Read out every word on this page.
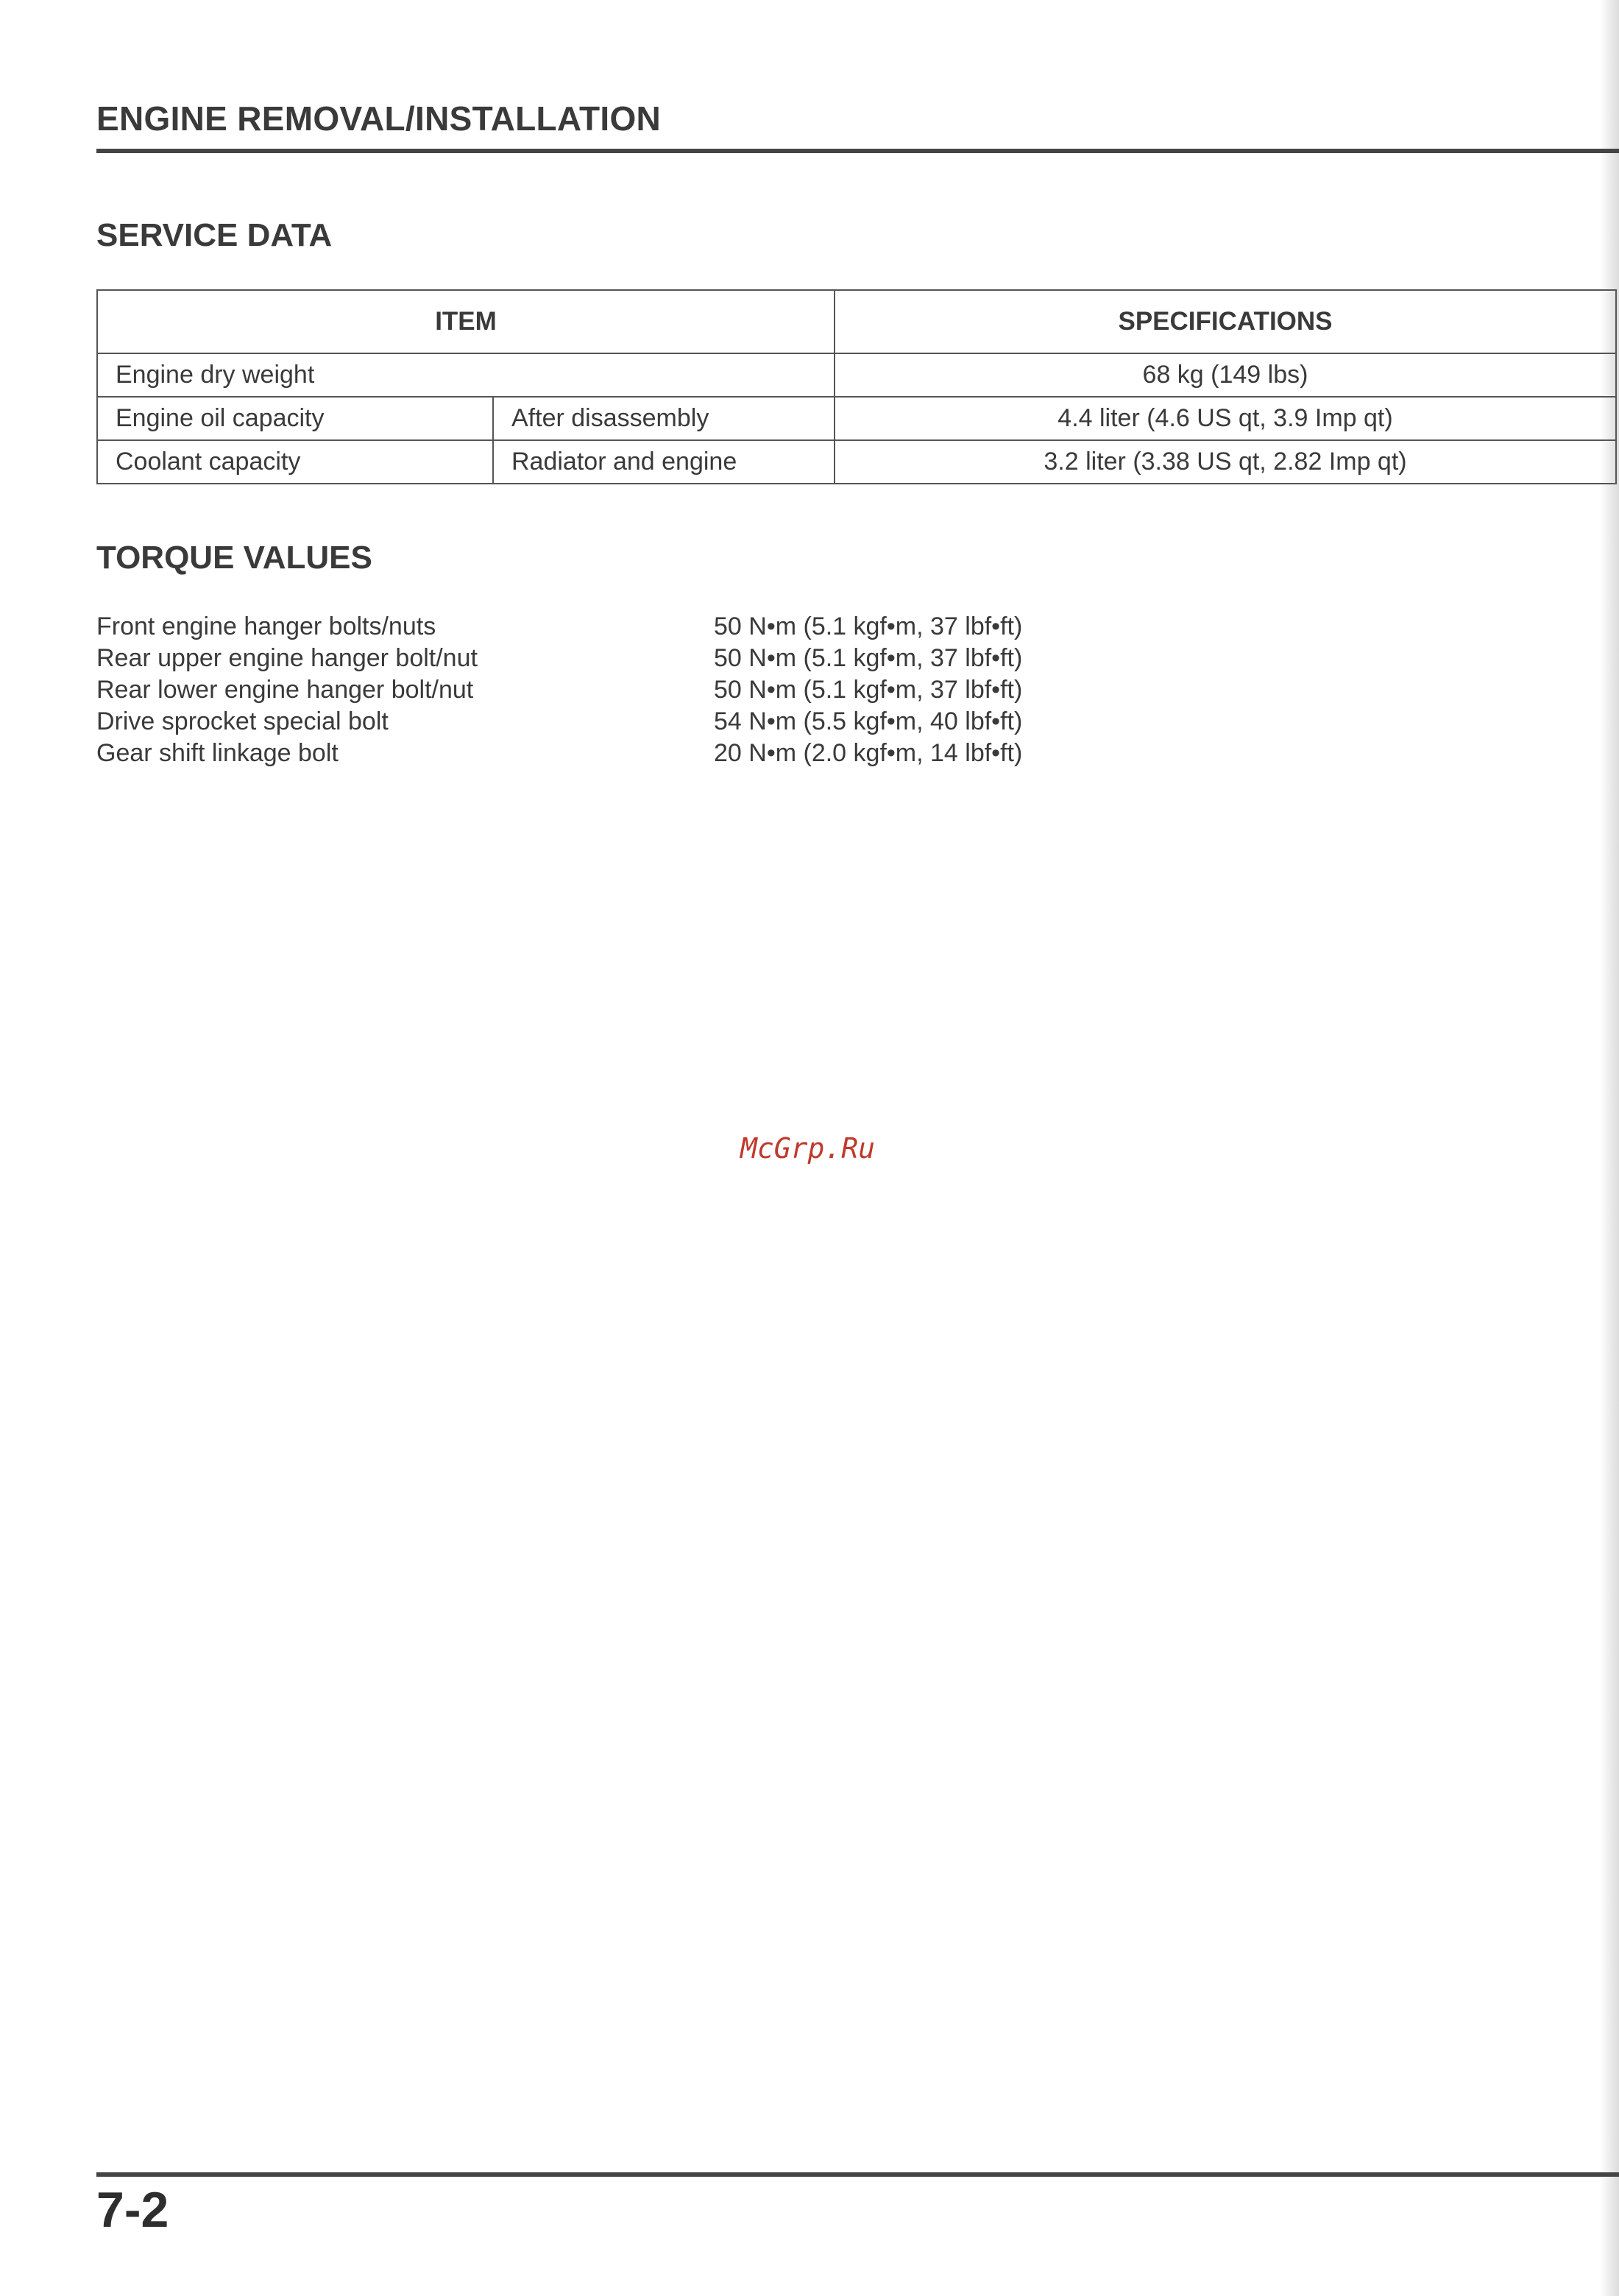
ENGINE REMOVAL/INSTALLATION
SERVICE DATA
ITEM		SPECIFICATIONS
Engine dry weight		68 kg (149 lbs)
Engine oil capacity	After disassembly	4.4 liter (4.6 US qt, 3.9 Imp qt)
Coolant capacity	Radiator and engine	3.2 liter (3.38 US qt, 2.82 Imp qt)
TORQUE VALUES
Front engine hanger bolts/nuts	50 N•m (5.1 kgf•m, 37 lbf•ft)
Rear upper engine hanger bolt/nut	50 N•m (5.1 kgf•m, 37 lbf•ft)
Rear lower engine hanger bolt/nut	50 N•m (5.1 kgf•m, 37 lbf•ft)
Drive sprocket special bolt	54 N•m (5.5 kgf•m, 40 lbf•ft)
Gear shift linkage bolt	20 N•m (2.0 kgf•m, 14 lbf•ft)
McGrp.Ru
7-2
